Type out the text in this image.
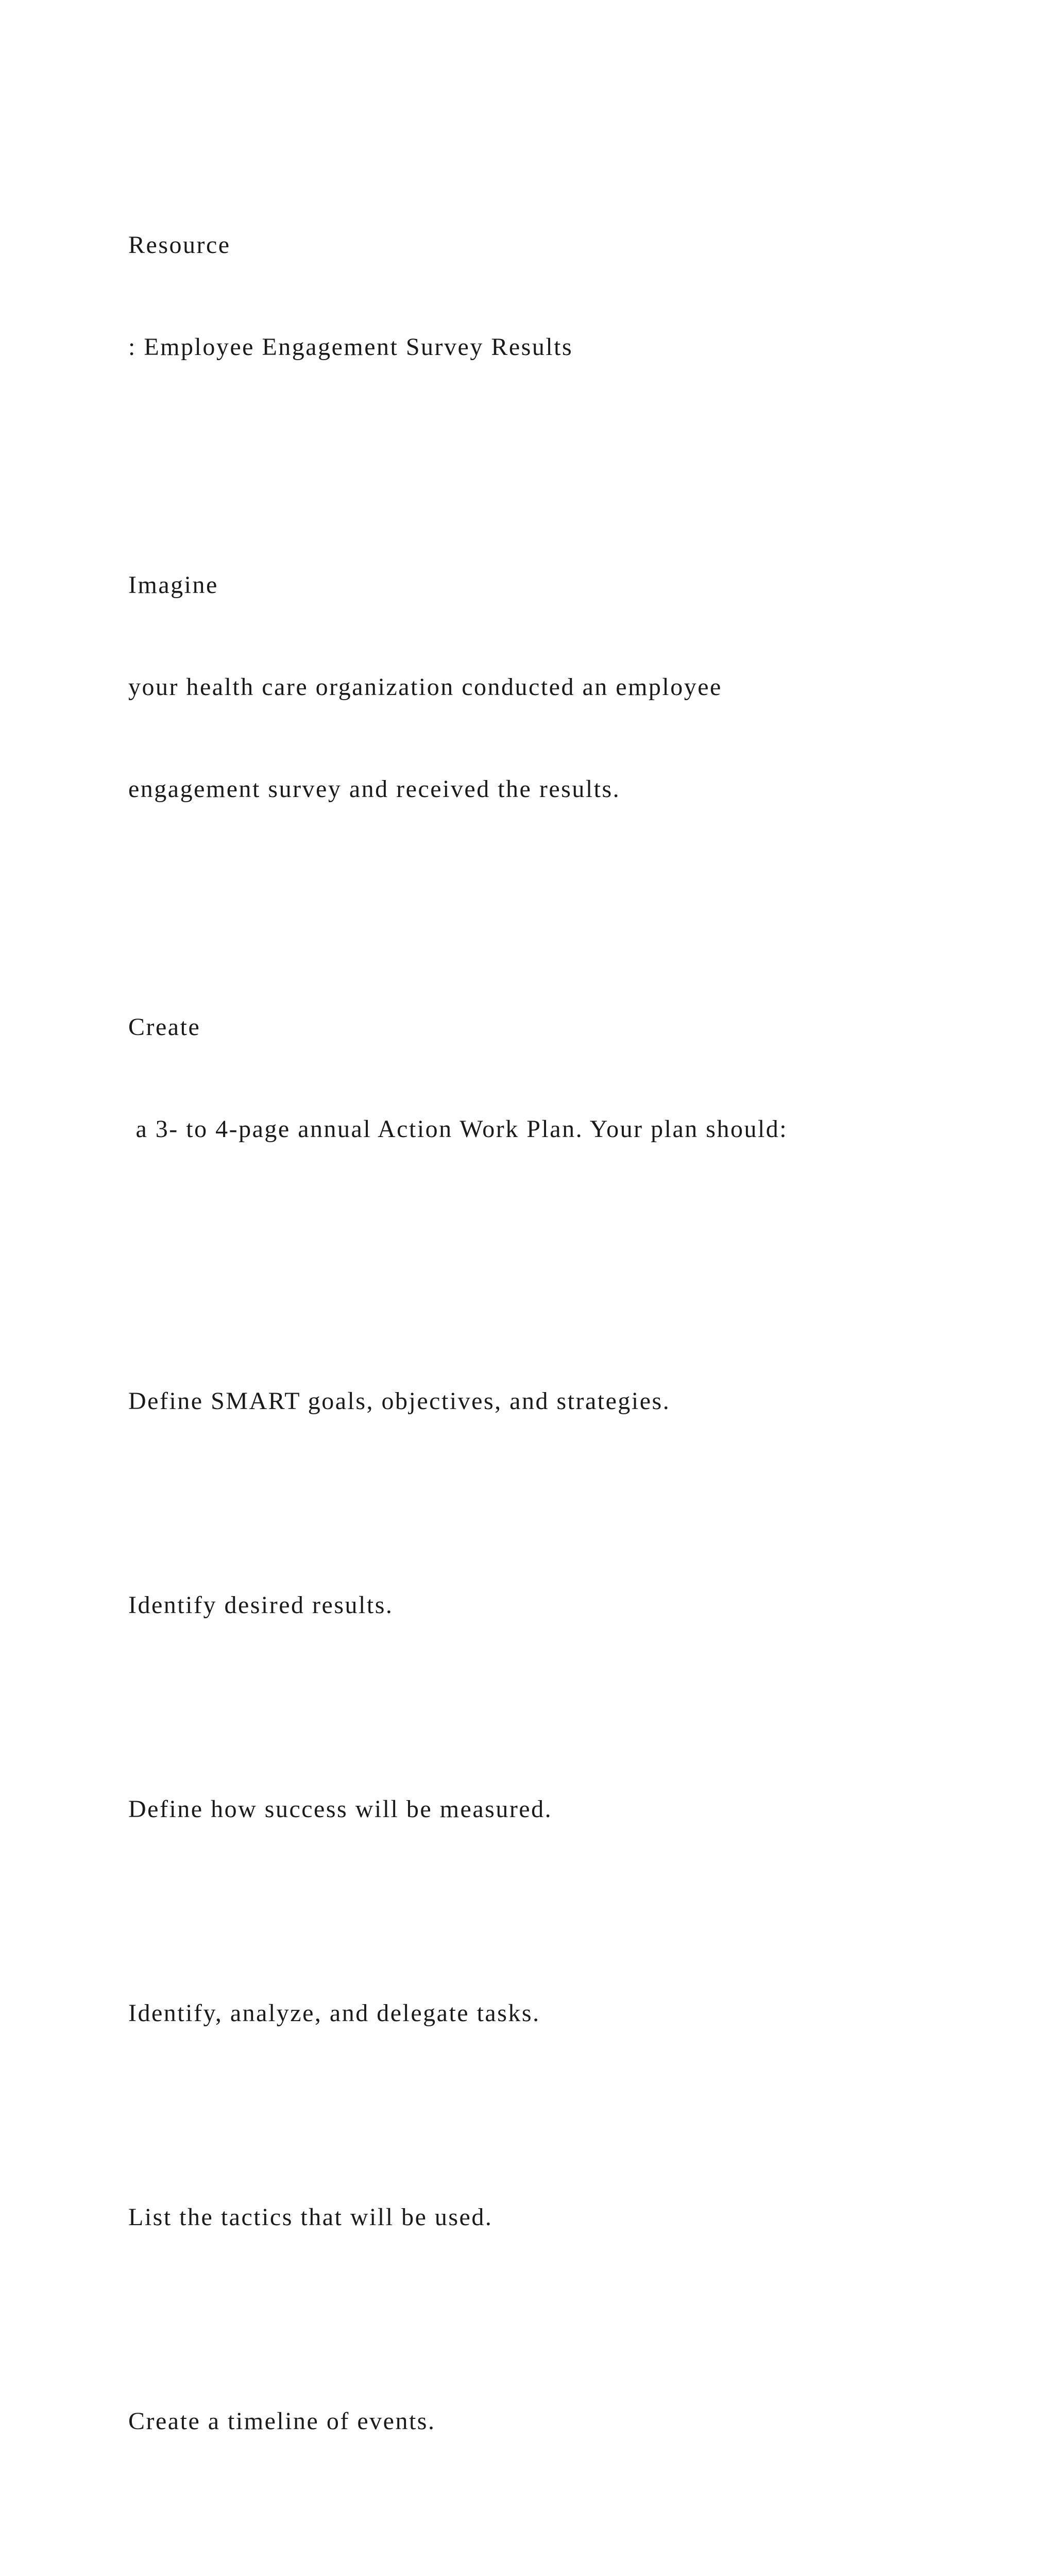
Resource

: Employee Engagement Survey Results

Imagine

your health care organization conducted an employee

engagement survey and received the results.

Create

a 3- to 4-page annual Action Work Plan. Your plan should:

Define SMART goals, objectives, and strategies.

Identify desired results.

Define how success will be measured.

Identify, analyze, and delegate tasks.

List the tactics that will be used.

Create a timeline of events.
